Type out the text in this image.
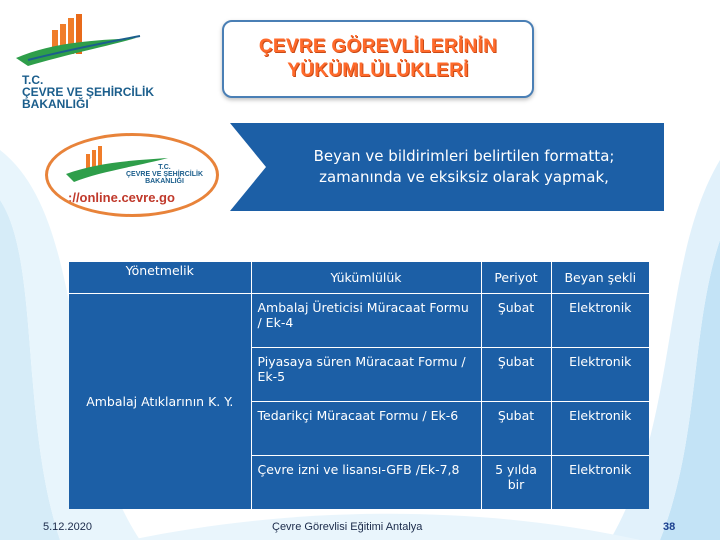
T.C.
ÇEVRE VE ŞEHİRCİLİK
BAKANLIĞI
ÇEVRE GÖREVLİLERİNİN
YÜKÜMLÜLÜKLERİ
T.C.
ÇEVRE VE ŞEHİRCİLİK
BAKANLIĞI
://online.cevre.go
Beyan ve bildirimleri belirtilen formatta;
zamanında ve eksiksiz olarak yapmak,
Yönetmelik	Yükümlülük	Periyot	Beyan şekli
Ambalaj Atıklarının K. Y.	Ambalaj Üreticisi Müracaat Formu / Ek-4	Şubat	Elektronik
	Piyasaya süren Müracaat Formu / Ek-5	Şubat	Elektronik
	Tedarikçi Müracaat Formu / Ek-6	Şubat	Elektronik
	Çevre izni ve lisansı-GFB /Ek-7,8	5 yılda bir	Elektronik
5.12.2020	Çevre Görevlisi Eğitimi Antalya	38
